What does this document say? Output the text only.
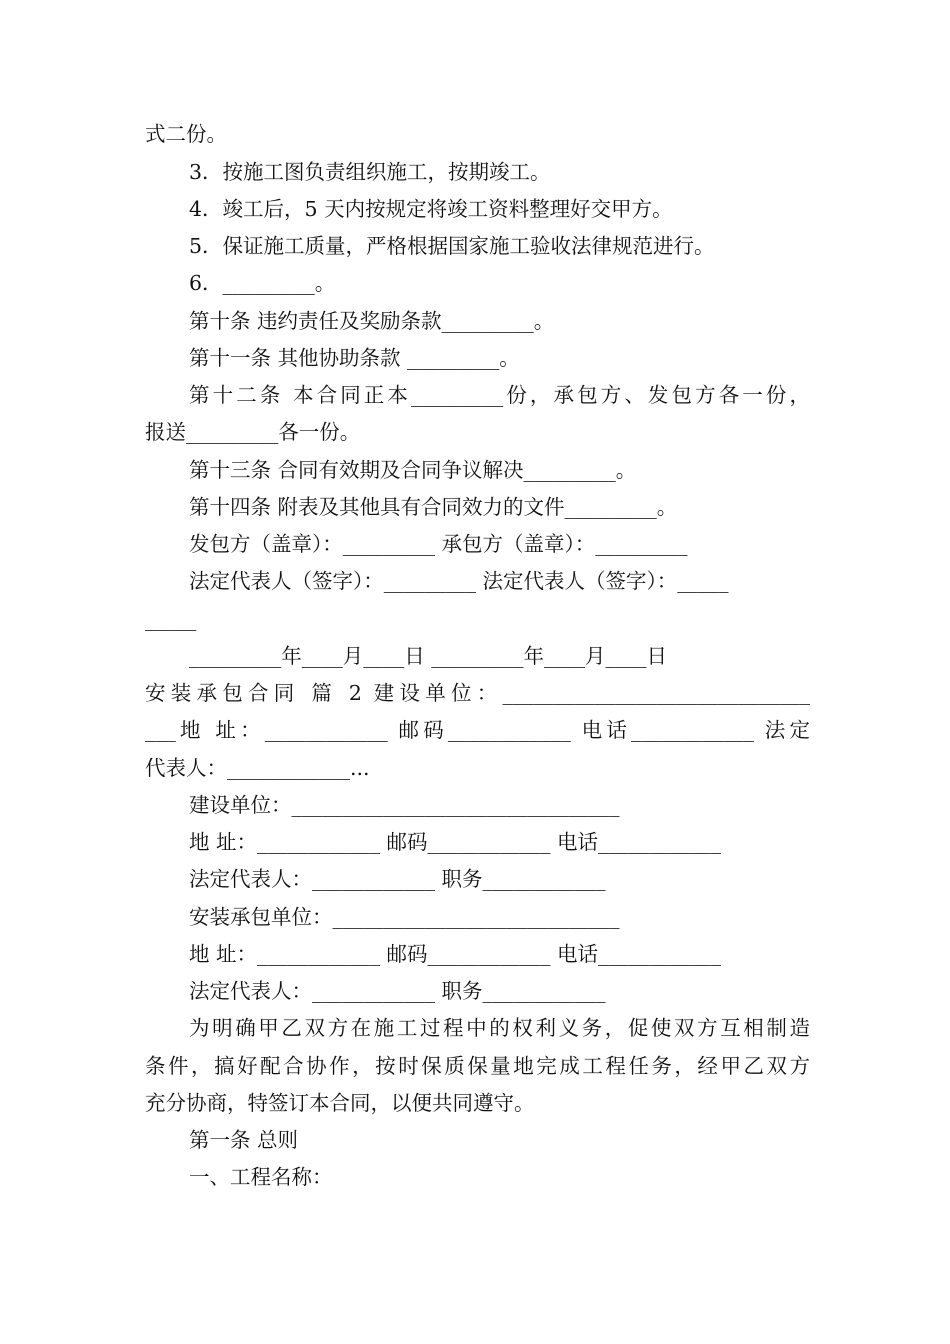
式二份。
3．按施工图负责组织施工，按期竣工。
4．竣工后，5 天内按规定将竣工资料整理好交甲方。
5．保证施工质量，严格根据国家施工验收法律规范进行。
6．_________。
第十条 违约责任及奖励条款_________。
第十一条 其他协助条款 _________。
第十二条 本合同正本_________份，承包方、发包方各一份，
报送_________各一份。
第十三条 合同有效期及合同争议解决_________。
第十四条 附表及其他具有合同效力的文件_________。
发包方（盖章）：_________ 承包方（盖章）：_________
法定代表人（签字）：_________ 法定代表人（签字）：_____
_____
_________年____月____日 _________年____月____日
安装承包合同 篇 2 建设单位：______________________________
___地 址：____________ 邮码____________ 电话____________ 法定
代表人：____________...
建设单位：________________________________
地 址：____________ 邮码____________ 电话____________
法定代表人：____________ 职务____________
安装承包单位：____________________________
地 址：____________ 邮码____________ 电话____________
法定代表人：____________ 职务____________
为明确甲乙双方在施工过程中的权利义务，促使双方互相制造
条件，搞好配合协作，按时保质保量地完成工程任务，经甲乙双方
充分协商，特签订本合同，以便共同遵守。
第一条 总则
一、工程名称：
